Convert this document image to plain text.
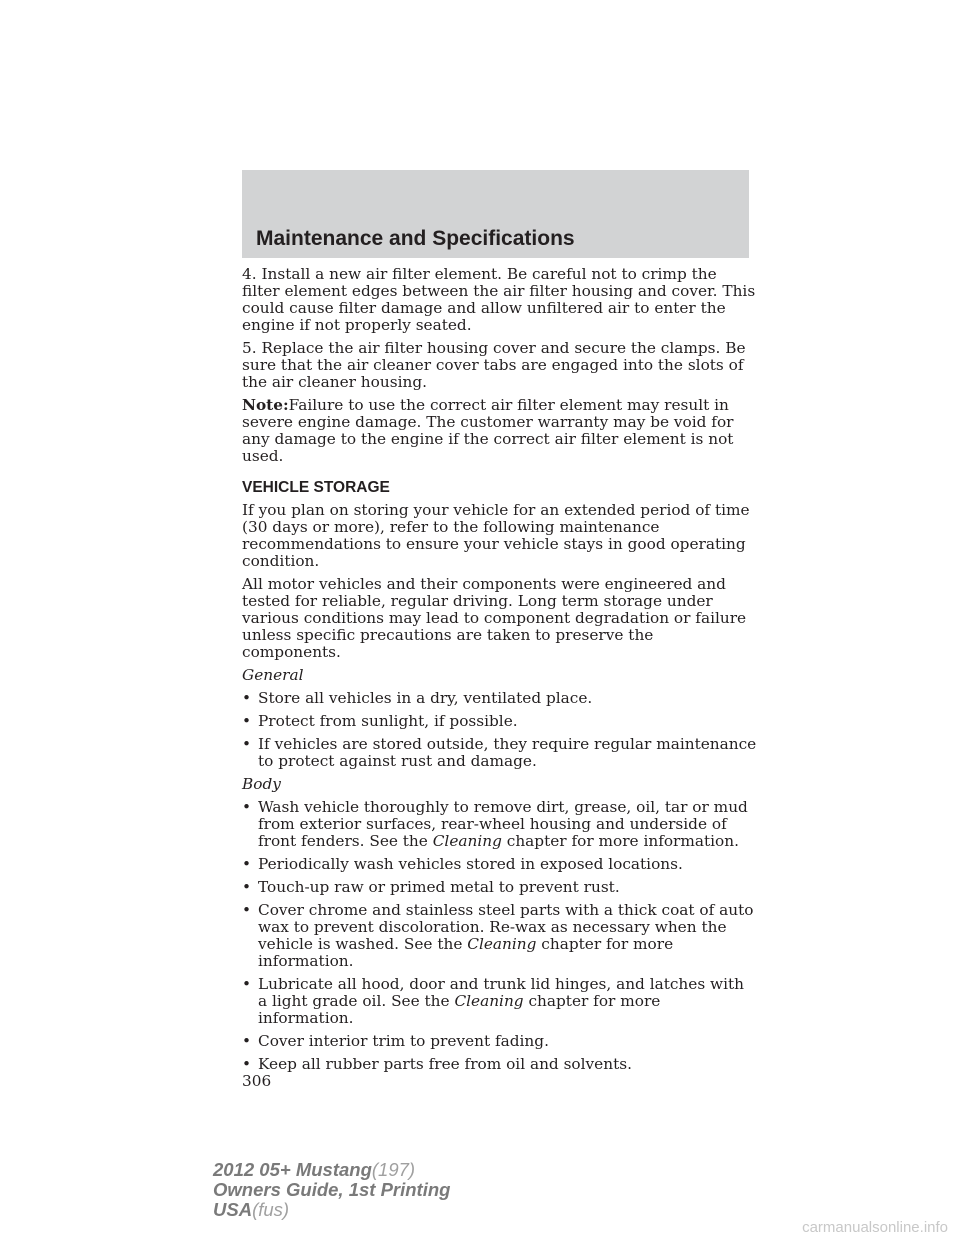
Maintenance and Specifications

4. Install a new air filter element. Be careful not to crimp the filter element edges between the air filter housing and cover. This could cause filter damage and allow unfiltered air to enter the engine if not properly seated.

5. Replace the air filter housing cover and secure the clamps. Be sure that the air cleaner cover tabs are engaged into the slots of the air cleaner housing.

Note:Failure to use the correct air filter element may result in severe engine damage. The customer warranty may be void for any damage to the engine if the correct air filter element is not used.

VEHICLE STORAGE

If you plan on storing your vehicle for an extended period of time (30 days or more), refer to the following maintenance recommendations to ensure your vehicle stays in good operating condition.

All motor vehicles and their components were engineered and tested for reliable, regular driving. Long term storage under various conditions may lead to component degradation or failure unless specific precautions are taken to preserve the components.

General

• Store all vehicles in a dry, ventilated place.
• Protect from sunlight, if possible.
• If vehicles are stored outside, they require regular maintenance to protect against rust and damage.

Body

• Wash vehicle thoroughly to remove dirt, grease, oil, tar or mud from exterior surfaces, rear-wheel housing and underside of front fenders. See the Cleaning chapter for more information.
• Periodically wash vehicles stored in exposed locations.
• Touch-up raw or primed metal to prevent rust.
• Cover chrome and stainless steel parts with a thick coat of auto wax to prevent discoloration. Re-wax as necessary when the vehicle is washed. See the Cleaning chapter for more information.
• Lubricate all hood, door and trunk lid hinges, and latches with a light grade oil. See the Cleaning chapter for more information.
• Cover interior trim to prevent fading.
• Keep all rubber parts free from oil and solvents.
306
2012 05+ Mustang(197)
Owners Guide, 1st Printing
USA(fus)
carmanualsonline.info
